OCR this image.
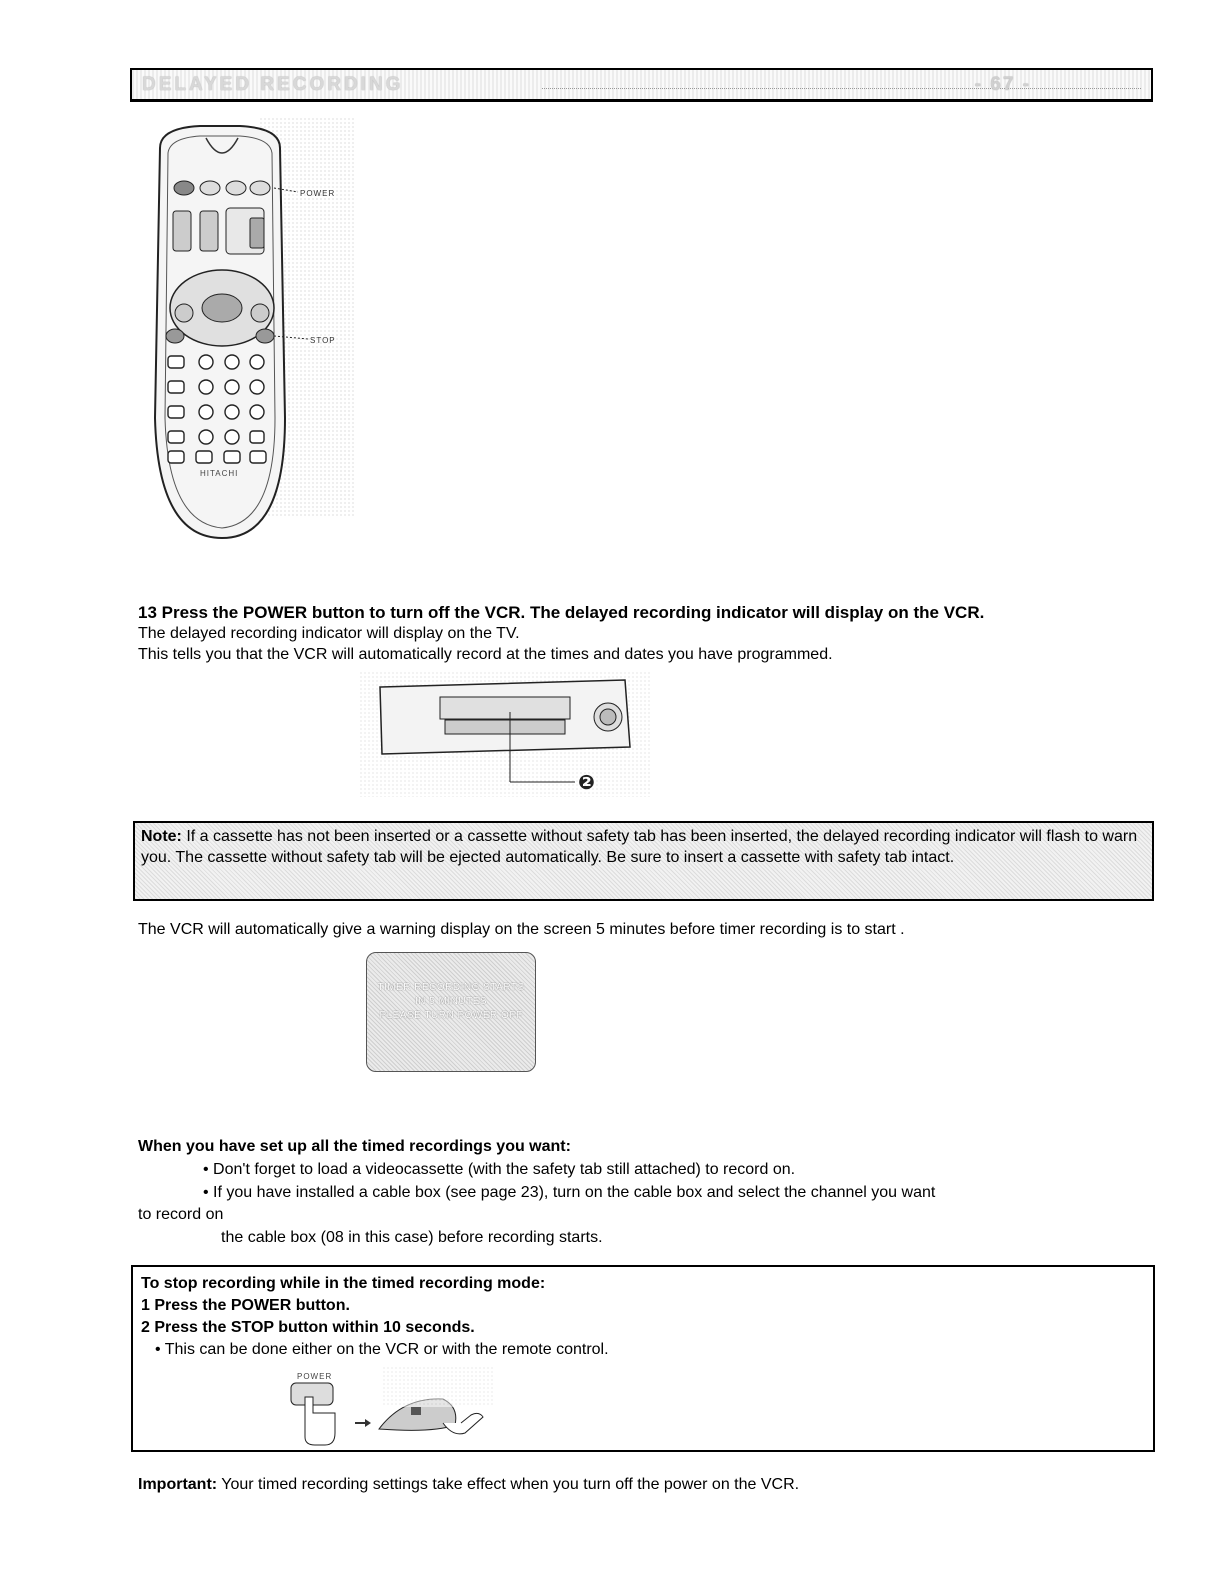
DELAYED RECORDING	- 67 -
POWER
STOP
HITACHI
13 Press the POWER button to turn off the VCR. The delayed recording indicator will display on the VCR.
The delayed recording indicator will display on the TV.
This tells you that the VCR will automatically record at the times and dates you have programmed.
❷
Note: If a cassette has not been inserted or a cassette without safety tab has been inserted, the delayed recording indicator will flash to warn you. The cassette without safety tab will be ejected automatically. Be sure to insert a cassette with safety tab intact.
The VCR will automatically give a warning display on the screen 5 minutes before timer recording is to start .
TIMER RECORDING STARTS
IN 5 MINUTES
PLEASE TURN POWER OFF
When you have set up all the timed recordings you want:
• Don't forget to load a videocassette (with the safety tab still attached) to record on.
• If you have installed a cable box (see page 23), turn on the cable box and select the channel you want
to record on
the cable box (08 in this case) before recording starts.
To stop recording while in the timed recording mode:
1 Press the POWER button.
2 Press the STOP button within 10 seconds.
• This can be done either on the VCR or with the remote control.
POWER
Important: Your timed recording settings take effect when you turn off the power on the VCR.
